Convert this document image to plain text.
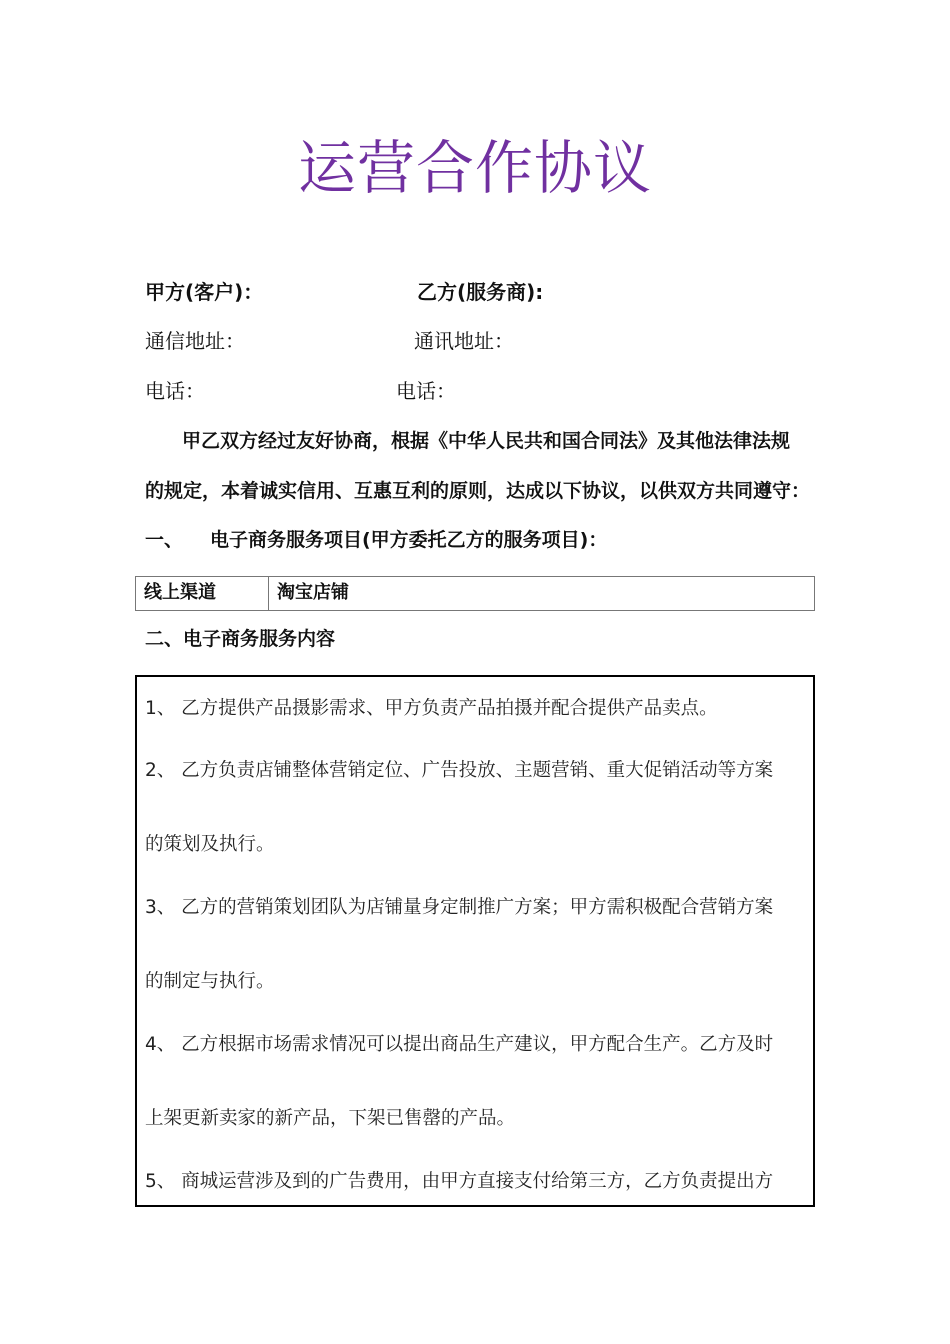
运营合作协议
甲方(客户)：	乙方(服务商):
通信地址：	通讯地址：
电话：	电话：
甲乙双方经过友好协商，根据《中华人民共和国合同法》及其他法律法规
的规定，本着诚实信用、互惠互利的原则，达成以下协议，以供双方共同遵守：
一、 电子商务服务项目(甲方委托乙方的服务项目)：
线上渠道	淘宝店铺
二、电子商务服务内容
1、 乙方提供产品摄影需求、甲方负责产品拍摄并配合提供产品卖点。
2、 乙方负责店铺整体营销定位、广告投放、主题营销、重大促销活动等方案
的策划及执行。
3、 乙方的营销策划团队为店铺量身定制推广方案；甲方需积极配合营销方案
的制定与执行。
4、 乙方根据市场需求情况可以提出商品生产建议，甲方配合生产。乙方及时
上架更新卖家的新产品，下架已售罄的产品。
5、 商城运营涉及到的广告费用，由甲方直接支付给第三方，乙方负责提出方
